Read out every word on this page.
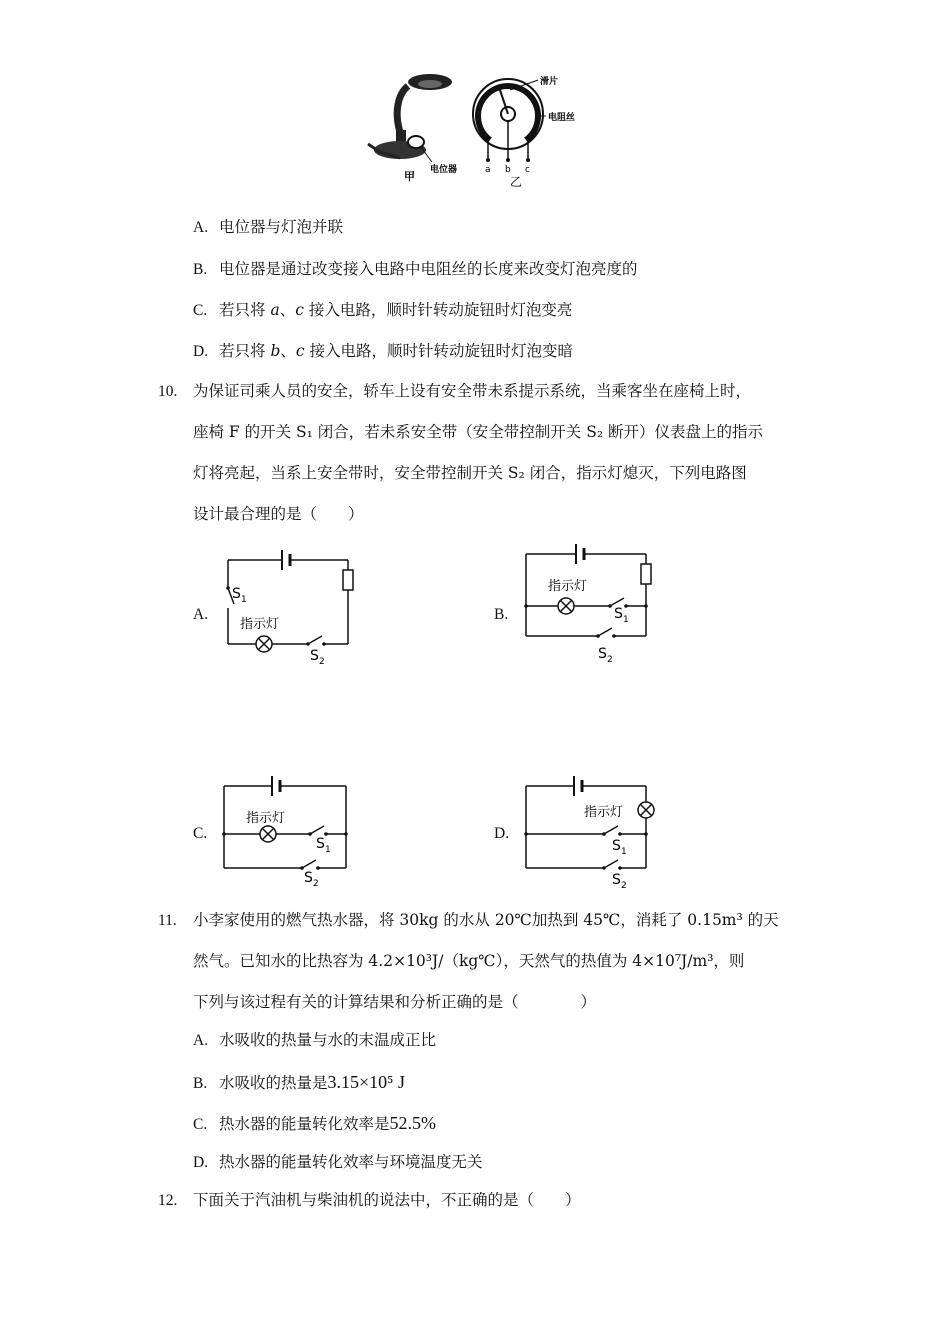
甲 电位器
滑片
电阻丝
a b c
乙
A. 电位器与灯泡并联
B. 电位器是通过改变接入电路中电阻丝的长度来改变灯泡亮度的
C. 若只将 a、c 接入电路，顺时针转动旋钮时灯泡变亮
D. 若只将 b、c 接入电路，顺时针转动旋钮时灯泡变暗
10. 为保证司乘人员的安全，轿车上设有安全带未系提示系统，当乘客坐在座椅上时，
座椅 F 的开关 S₁ 闭合，若未系安全带（安全带控制开关 S₂ 断开）仪表盘上的指示
灯将亮起，当系上安全带时，安全带控制开关 S₂ 闭合，指示灯熄灭，下列电路图
设计最合理的是（　　）
A.	B.
C.	D.
S 1
指示灯
S 2
指示灯
S 1
S 2
指示灯
S 1
S 2
指示灯
S 1
S 2
11. 小李家使用的燃气热水器，将 30kg 的水从 20℃加热到 45℃，消耗了 0.15m³ 的天
然气。已知水的比热容为 4.2×10³J/（kg℃），天然气的热值为 4×10⁷J/m³，则
下列与该过程有关的计算结果和分析正确的是（　　　　）
A. 水吸收的热量与水的末温成正比
B. 水吸收的热量是3.15×10⁵ J
C. 热水器的能量转化效率是52.5%
D. 热水器的能量转化效率与环境温度无关
12. 下面关于汽油机与柴油机的说法中，不正确的是（　　）
